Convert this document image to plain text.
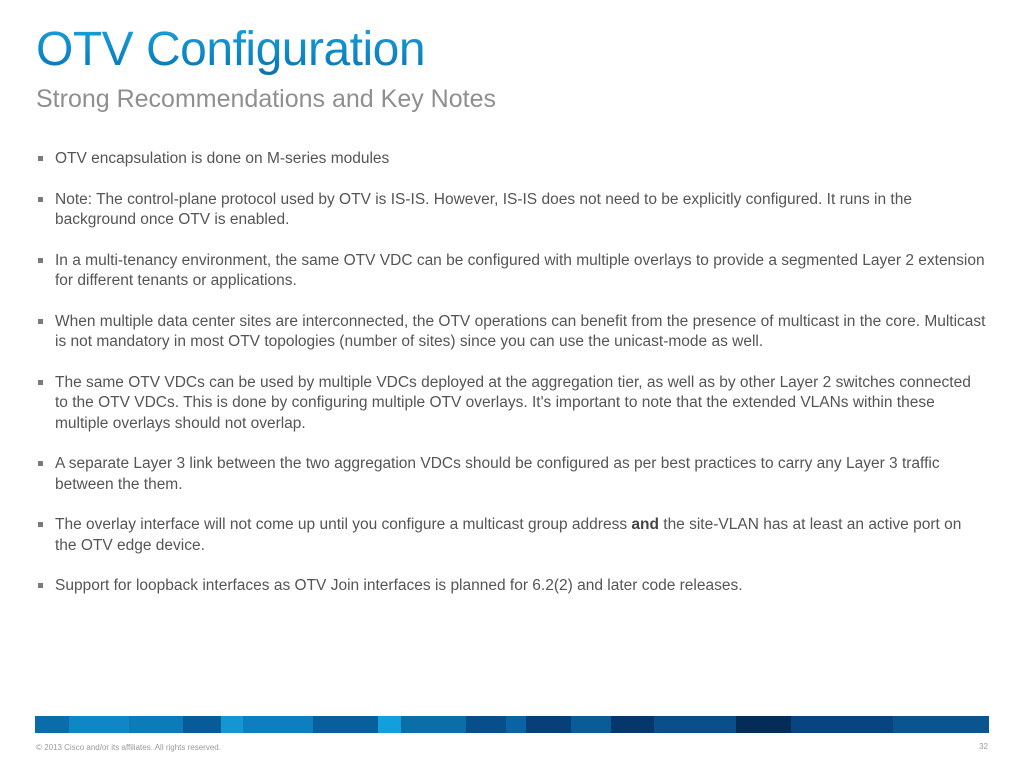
OTV Configuration
Strong Recommendations and Key Notes
OTV encapsulation is done on M-series modules
Note: The control-plane protocol used by OTV is IS-IS. However, IS-IS does not need to be explicitly configured. It runs in the background once OTV is enabled.
In a multi-tenancy environment, the same OTV VDC can be configured with multiple overlays to provide a segmented Layer 2 extension for different tenants or applications.
When multiple data center sites are interconnected, the OTV operations can benefit from the presence of multicast in the core. Multicast is not mandatory in most OTV topologies (number of sites) since you can use the unicast-mode as well.
The same OTV VDCs can be used by multiple VDCs deployed at the aggregation tier, as well as by other Layer 2 switches connected to the OTV VDCs. This is done by configuring multiple OTV overlays. It's important to note that the extended VLANs within these multiple overlays should not overlap.
A separate Layer 3 link between the two aggregation VDCs should be configured as per best practices to carry any Layer 3 traffic between the them.
The overlay interface will not come up until you configure a multicast group address and the site-VLAN has at least an active port on the OTV edge device.
Support for loopback interfaces as OTV Join interfaces is planned for 6.2(2) and later code releases.
© 2013 Cisco and/or its affiliates. All rights reserved.	32
